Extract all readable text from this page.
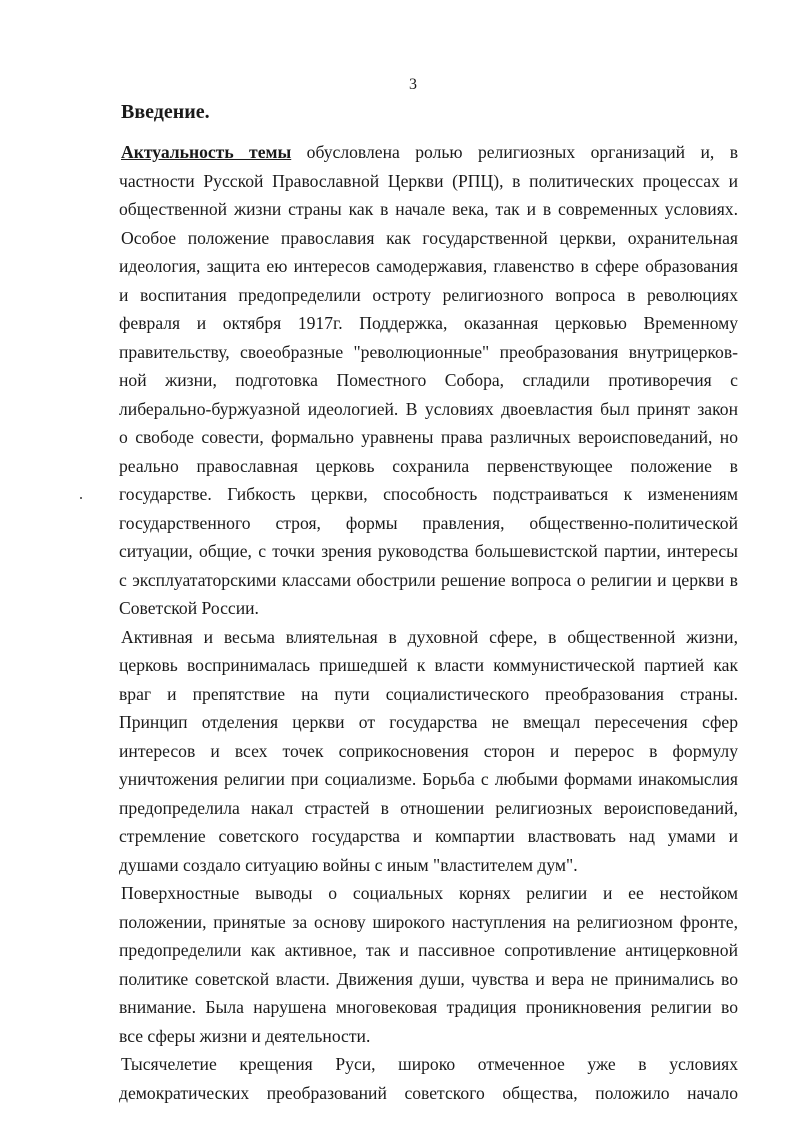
3
Введение.
Актуальность темы обусловлена ролью религиозных организаций и, в
частности Русской Православной Церкви (РПЦ), в политических процессах и
общественной жизни страны как в начале века, так и в современных условиях.
Особое положение православия как государственной церкви, охранительная
идеология, защита ею интересов самодержавия, главенство в сфере образования
и воспитания предопределили остроту религиозного вопроса в революциях
февраля и октября 1917г. Поддержка, оказанная церковью Временному
правительству, своеобразные "революционные" преобразования внутрицерков-
ной жизни, подготовка Поместного Собора, сгладили противоречия с
либерально-буржуазной идеологией. В условиях двоевластия был принят закон
о свободе совести, формально уравнены права различных вероисповеданий, но
реально православная церковь сохранила первенствующее положение в
государстве. Гибкость церкви, способность подстраиваться к изменениям
государственного строя, формы правления, общественно-политической
ситуации, общие, с точки зрения руководства большевистской партии, интересы
с эксплуататорскими классами обострили решение вопроса о религии и церкви в
Советской России.
Активная и весьма влиятельная в духовной сфере, в общественной жизни,
церковь воспринималась пришедшей к власти коммунистической партией как
враг и препятствие на пути социалистического преобразования страны.
Принцип отделения церкви от государства не вмещал пересечения сфер
интересов и всех точек соприкосновения сторон и перерос в формулу
уничтожения религии при социализме. Борьба с любыми формами инакомыслия
предопределила накал страстей в отношении религиозных вероисповеданий,
стремление советского государства и компартии властвовать над умами и
душами создало ситуацию войны с иным "властителем дум".
Поверхностные выводы о социальных корнях религии и ее нестойком
положении, принятые за основу широкого наступления на религиозном фронте,
предопределили как активное, так и пассивное сопротивление антицерковной
политике советской власти. Движения души, чувства и вера не принимались во
внимание. Была нарушена многовековая традиция проникновения религии во
все сферы жизни и деятельности.
Тысячелетие крещения Руси, широко отмеченное уже в условиях
демократических преобразований советского общества, положило начало
